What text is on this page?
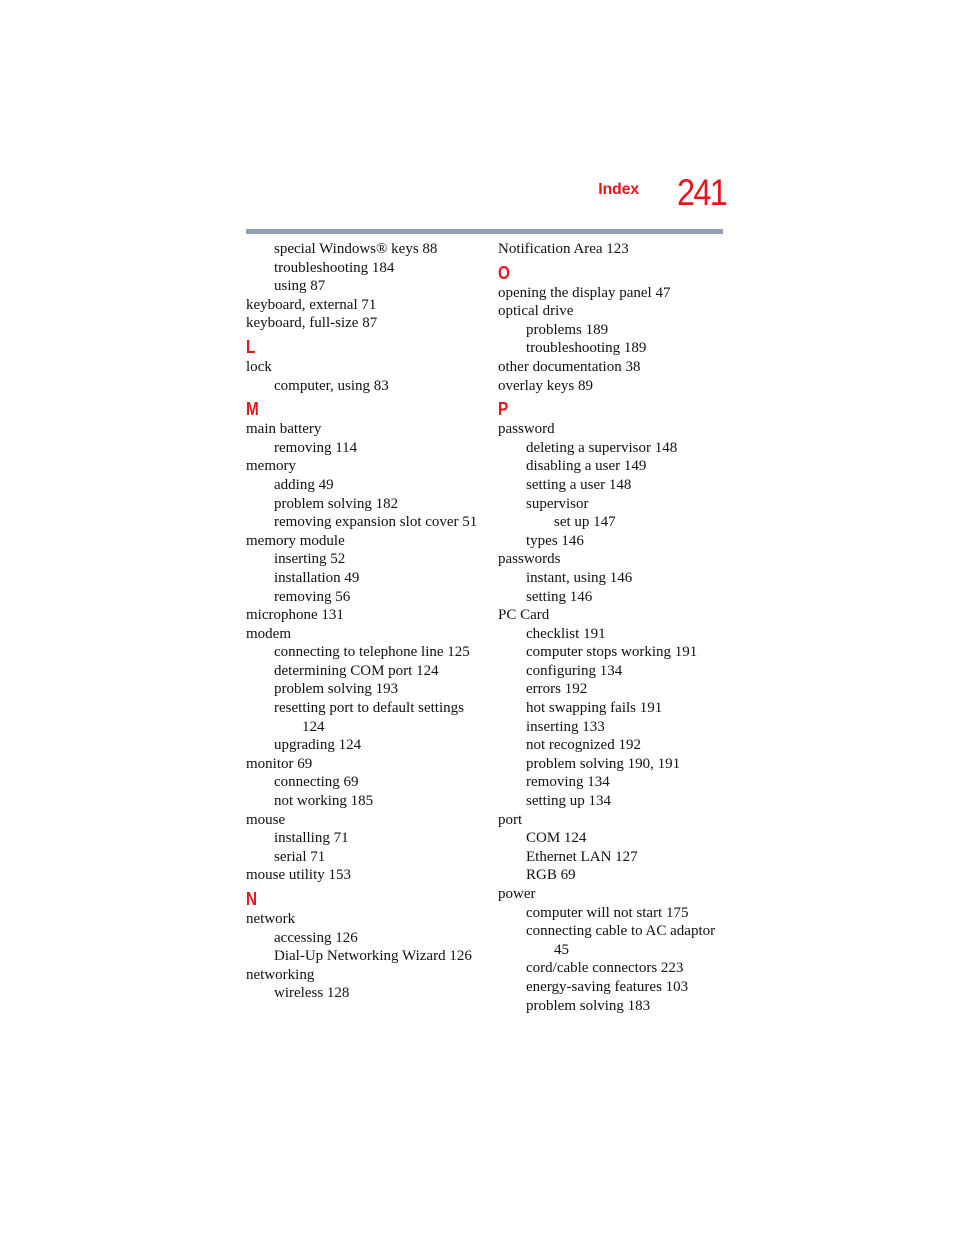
Index 241
special Windows® keys 88
troubleshooting 184
using 87
keyboard, external 71
keyboard, full-size 87
L
lock
computer, using 83
M
main battery
removing 114
memory
adding 49
problem solving 182
removing expansion slot cover 51
memory module
inserting 52
installation 49
removing 56
microphone 131
modem
connecting to telephone line 125
determining COM port 124
problem solving 193
resetting port to default settings
124
upgrading 124
monitor 69
connecting 69
not working 185
mouse
installing 71
serial 71
mouse utility 153
N
network
accessing 126
Dial-Up Networking Wizard 126
networking
wireless 128
Notification Area 123
O
opening the display panel 47
optical drive
problems 189
troubleshooting 189
other documentation 38
overlay keys 89
P
password
deleting a supervisor 148
disabling a user 149
setting a user 148
supervisor
set up 147
types 146
passwords
instant, using 146
setting 146
PC Card
checklist 191
computer stops working 191
configuring 134
errors 192
hot swapping fails 191
inserting 133
not recognized 192
problem solving 190, 191
removing 134
setting up 134
port
COM 124
Ethernet LAN 127
RGB 69
power
computer will not start 175
connecting cable to AC adaptor
45
cord/cable connectors 223
energy-saving features 103
problem solving 183
